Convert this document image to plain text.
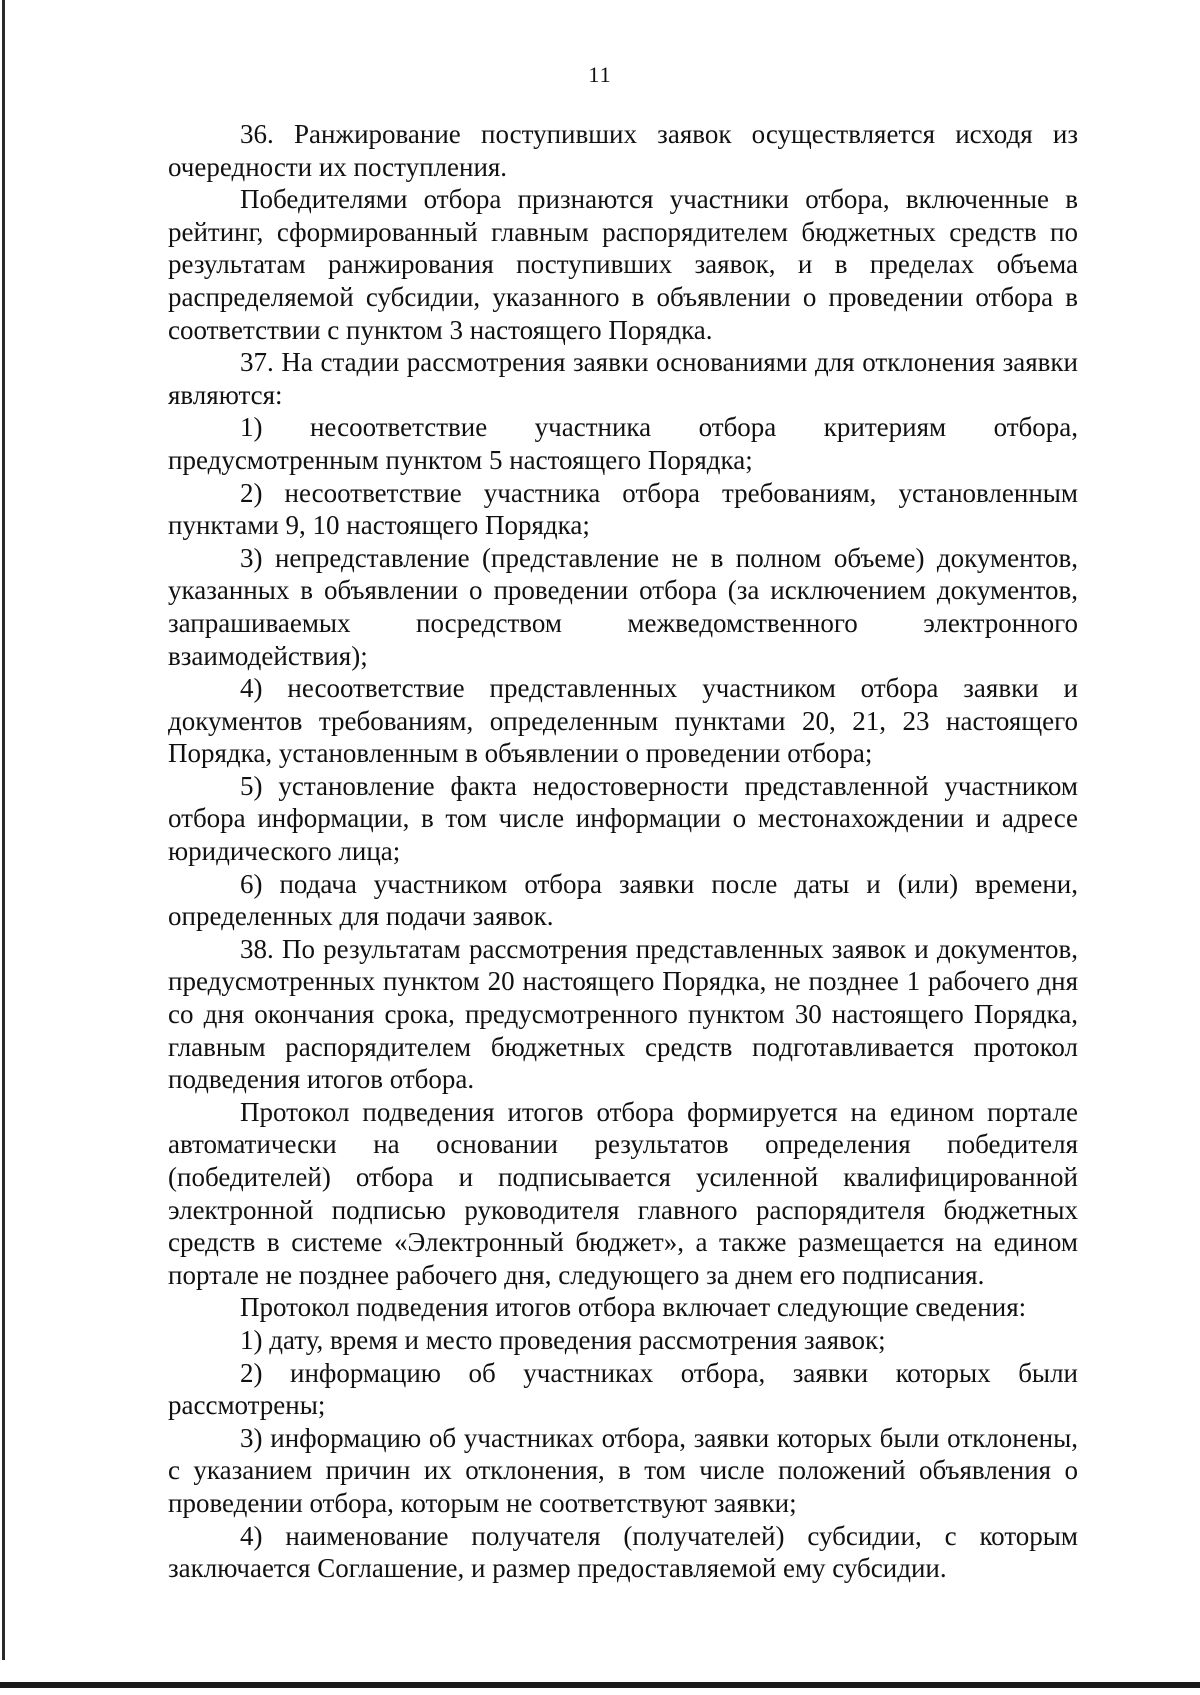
11

36. Ранжирование поступивших заявок осуществляется исходя из очередности их поступления.

Победителями отбора признаются участники отбора, включенные в рейтинг, сформированный главным распорядителем бюджетных средств по результатам ранжирования поступивших заявок, и в пределах объема распределяемой субсидии, указанного в объявлении о проведении отбора в соответствии с пунктом 3 настоящего Порядка.

37. На стадии рассмотрения заявки основаниями для отклонения заявки являются:

1) несоответствие участника отбора критериям отбора, предусмотренным пунктом 5 настоящего Порядка;

2) несоответствие участника отбора требованиям, установленным пунктами 9, 10 настоящего Порядка;

3) непредставление (представление не в полном объеме) документов, указанных в объявлении о проведении отбора (за исключением документов, запрашиваемых посредством межведомственного электронного взаимодействия);

4) несоответствие представленных участником отбора заявки и документов требованиям, определенным пунктами 20, 21, 23 настоящего Порядка, установленным в объявлении о проведении отбора;

5) установление факта недостоверности представленной участником отбора информации, в том числе информации о местонахождении и адресе юридического лица;

6) подача участником отбора заявки после даты и (или) времени, определенных для подачи заявок.

38. По результатам рассмотрения представленных заявок и документов, предусмотренных пунктом 20 настоящего Порядка, не позднее 1 рабочего дня со дня окончания срока, предусмотренного пунктом 30 настоящего Порядка, главным распорядителем бюджетных средств подготавливается протокол подведения итогов отбора.

Протокол подведения итогов отбора формируется на едином портале автоматически на основании результатов определения победителя (победителей) отбора и подписывается усиленной квалифицированной электронной подписью руководителя главного распорядителя бюджетных средств в системе «Электронный бюджет», а также размещается на едином портале не позднее рабочего дня, следующего за днем его подписания.

Протокол подведения итогов отбора включает следующие сведения:

1) дату, время и место проведения рассмотрения заявок;

2) информацию об участниках отбора, заявки которых были рассмотрены;

3) информацию об участниках отбора, заявки которых были отклонены, с указанием причин их отклонения, в том числе положений объявления о проведении отбора, которым не соответствуют заявки;

4) наименование получателя (получателей) субсидии, с которым заключается Соглашение, и размер предоставляемой ему субсидии.
